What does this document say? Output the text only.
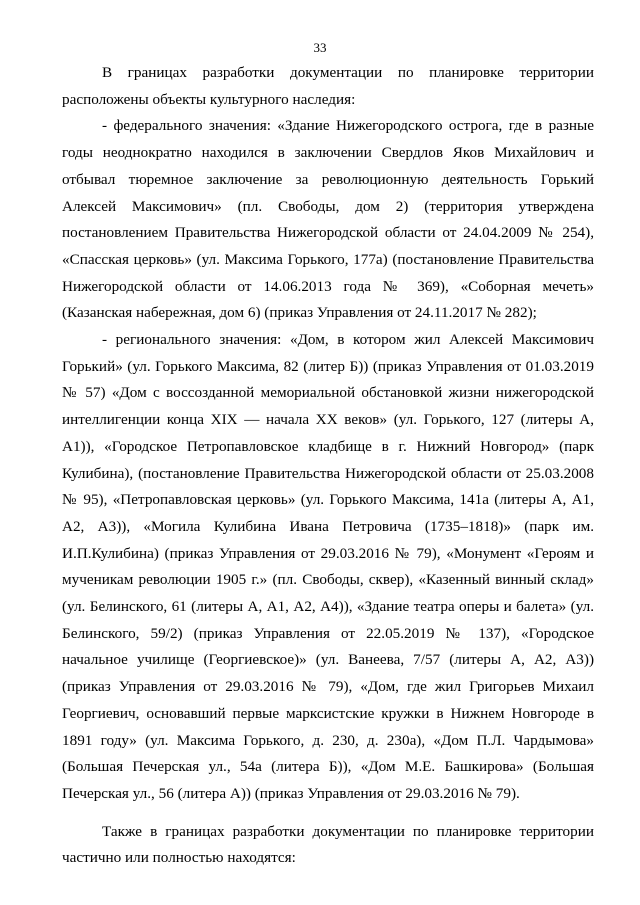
33

В границах разработки документации по планировке территории расположены объекты культурного наследия:

- федерального значения: «Здание Нижегородского острога, где в разные годы неоднократно находился в заключении Свердлов Яков Михайлович и отбывал тюремное заключение за революционную деятельность Горький Алексей Максимович» (пл. Свободы, дом 2) (территория утверждена постановлением Правительства Нижегородской области от 24.04.2009 № 254), «Спасская церковь» (ул. Максима Горького, 177а) (постановление Правительства Нижегородской области от 14.06.2013 года № 369), «Соборная мечеть» (Казанская набережная, дом 6) (приказ Управления от 24.11.2017 № 282);

- регионального значения: «Дом, в котором жил Алексей Максимович Горький» (ул. Горького Максима, 82 (литер Б)) (приказ Управления от 01.03.2019 № 57) «Дом с воссозданной мемориальной обстановкой жизни нижегородской интеллигенции конца XIX — начала XX веков» (ул. Горького, 127 (литеры А, А1)), «Городское Петропавловское кладбище в г. Нижний Новгород» (парк Кулибина), (постановление Правительства Нижегородской области от 25.03.2008 № 95), «Петропавловская церковь» (ул. Горького Максима, 141а (литеры А, А1, А2, А3)), «Могила Кулибина Ивана Петровича (1735–1818)» (парк им. И.П.Кулибина) (приказ Управления от 29.03.2016 № 79), «Монумент «Героям и мученикам революции 1905 г.» (пл. Свободы, сквер), «Казенный винный склад» (ул. Белинского, 61 (литеры А, А1, А2, А4)), «Здание театра оперы и балета» (ул. Белинского, 59/2) (приказ Управления от 22.05.2019 № 137), «Городское начальное училище (Георгиевское)» (ул. Ванеева, 7/57 (литеры А, А2, А3)) (приказ Управления от 29.03.2016 № 79), «Дом, где жил Григорьев Михаил Георгиевич, основавший первые марксистские кружки в Нижнем Новгороде в 1891 году» (ул. Максима Горького, д. 230, д. 230а), «Дом П.Л. Чардымова» (Большая Печерская ул., 54а (литера Б)), «Дом М.Е. Башкирова» (Большая Печерская ул., 56 (литера А)) (приказ Управления от 29.03.2016 № 79).

Также в границах разработки документации по планировке территории частично или полностью находятся:
